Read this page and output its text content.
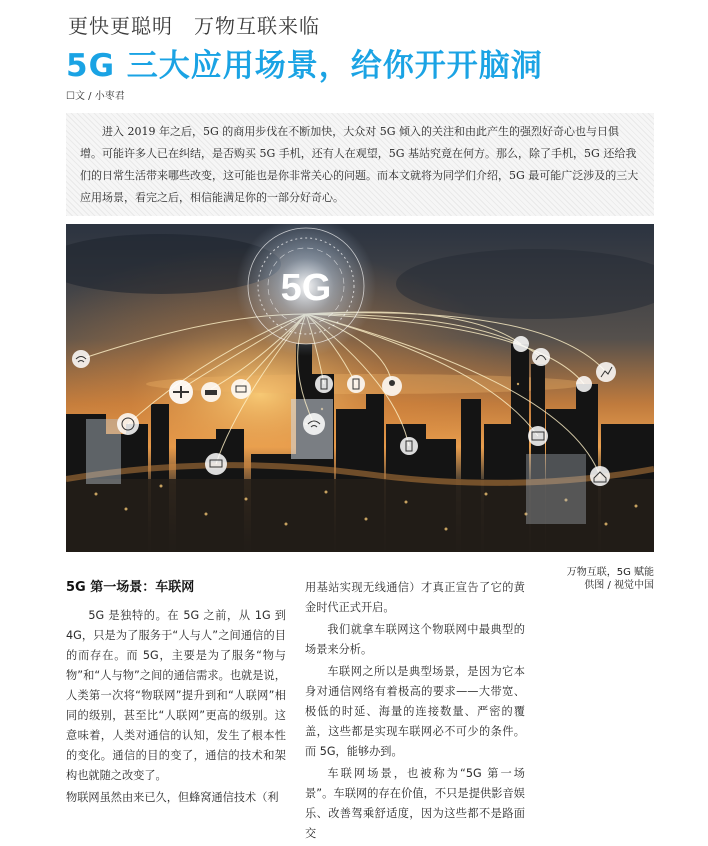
更快更聪明　万物互联来临
5G 三大应用场景，给你开开脑洞
☐文 / 小枣君

进入 2019 年之后，5G 的商用步伐在不断加快，大众对 5G 倾入的关注和由此产生的强烈好奇心也与日俱增。可能许多人已在纠结，是否购买 5G 手机，还有人在观望，5G 基站究竟在何方。那么，除了手机，5G 还给我们的日常生活带来哪些改变，这可能也是你非常关心的问题。而本文就将为同学们介绍，5G 最可能广泛涉及的三大应用场景，看完之后，相信能满足你的一部分好奇心。

5G
万物互联，5G 赋能
供图 / 视觉中国
5G 第一场景：车联网

5G 是独特的。在 5G 之前，从 1G 到 4G，只是为了服务于“人与人”之间通信的目的而存在。而 5G，主要是为了服务“物与物”和“人与物”之间的通信需求。也就是说，人类第一次将“物联网”提升到和“人联网”相同的级别，甚至比“人联网”更高的级别。这意味着，人类对通信的认知，发生了根本性的变化。通信的目的变了，通信的技术和架构也就随之改变了。

物联网虽然由来已久，但蜂窝通信技术（利

用基站实现无线通信）才真正宣告了它的黄金时代正式开启。

我们就拿车联网这个物联网中最典型的场景来分析。

车联网之所以是典型场景，是因为它本身对通信网络有着极高的要求——大带宽、极低的时延、海量的连接数量、严密的覆盖，这些都是实现车联网必不可少的条件。而 5G，能够办到。

车联网场景，也被称为“5G 第一场景”。车联网的存在价值，不只是提供影音娱乐、改善驾乘舒适度，因为这些都不是路面交
